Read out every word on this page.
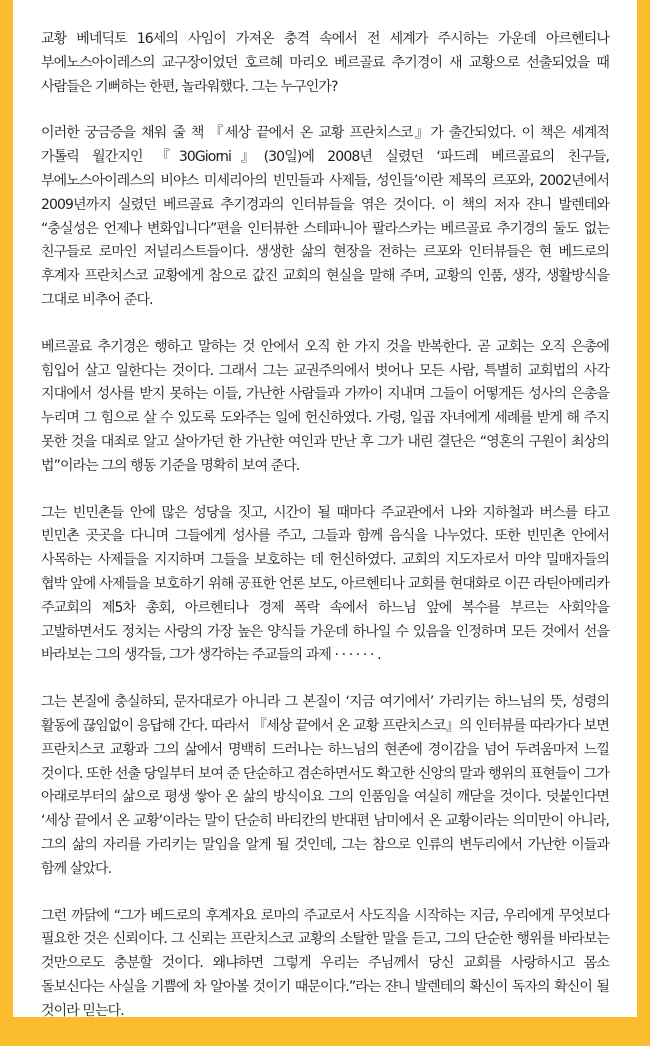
교황 베네딕토 16세의 사임이 가져온 충격 속에서 전 세계가 주시하는 가운데 아르헨티나 부에노스아이레스의 교구장이었던 호르헤 마리오 베르골료 추기경이 새 교황으로 선출되었을 때 사람들은 기뻐하는 한편, 놀라워했다. 그는 누구인가?

이러한 궁금증을 채워 줄 책 『세상 끝에서 온 교황 프란치스코』가 출간되었다. 이 책은 세계적 가톨릭 월간지인 『30Giorni』(30일)에 2008년 실렸던 ‘파드레 베르골료의 친구들, 부에노스아이레스의 비야스 미세리아의 빈민들과 사제들, 성인들’이란 제목의 르포와, 2002년에서 2009년까지 실렸던 베르골료 추기경과의 인터뷰들을 엮은 것이다. 이 책의 저자 쟌니 발렌테와 “충실성은 언제나 변화입니다”편을 인터뷰한 스테파니아 팔라스카는 베르골료 추기경의 둘도 없는 친구들로 로마인 저널리스트들이다. 생생한 삶의 현장을 전하는 르포와 인터뷰들은 현 베드로의 후계자 프란치스코 교황에게 참으로 값진 교회의 현실을 말해 주며, 교황의 인품, 생각, 생활방식을 그대로 비추어 준다.

베르골료 추기경은 행하고 말하는 것 안에서 오직 한 가지 것을 반복한다. 곧 교회는 오직 은총에 힘입어 살고 일한다는 것이다. 그래서 그는 교권주의에서 벗어나 모든 사람, 특별히 교회법의 사각 지대에서 성사를 받지 못하는 이들, 가난한 사람들과 가까이 지내며 그들이 어떻게든 성사의 은총을 누리며 그 힘으로 살 수 있도록 도와주는 일에 헌신하였다. 가령, 일곱 자녀에게 세례를 받게 해 주지 못한 것을 대죄로 알고 살아가던 한 가난한 여인과 만난 후 그가 내린 결단은 “영혼의 구원이 최상의 법”이라는 그의 행동 기준을 명확히 보여 준다.

그는 빈민촌들 안에 많은 성당을 짓고, 시간이 될 때마다 주교관에서 나와 지하철과 버스를 타고 빈민촌 곳곳을 다니며 그들에게 성사를 주고, 그들과 함께 음식을 나누었다. 또한 빈민촌 안에서 사목하는 사제들을 지지하며 그들을 보호하는 데 헌신하였다. 교회의 지도자로서 마약 밀매자들의 협박 앞에 사제들을 보호하기 위해 공표한 언론 보도, 아르헨티나 교회를 현대화로 이끈 라틴아메리카 주교회의 제5차 총회, 아르헨티나 경제 폭락 속에서 하느님 앞에 복수를 부르는 사회악을 고발하면서도 정치는 사랑의 가장 높은 양식들 가운데 하나일 수 있음을 인정하며 모든 것에서 선을 바라보는 그의 생각들, 그가 생각하는 주교들의 과제 · · · · · · .

그는 본질에 충실하되, 문자대로가 아니라 그 본질이 ‘지금 여기에서’ 가리키는 하느님의 뜻, 성령의 활동에 끊임없이 응답해 간다. 따라서 『세상 끝에서 온 교황 프란치스코』의 인터뷰를 따라가다 보면 프란치스코 교황과 그의 삶에서 명백히 드러나는 하느님의 현존에 경이감을 넘어 두려움마저 느낄 것이다. 또한 선출 당일부터 보여 준 단순하고 겸손하면서도 확고한 신앙의 말과 행위의 표현들이 그가 아래로부터의 삶으로 평생 쌓아 온 삶의 방식이요 그의 인품임을 여실히 깨닫을 것이다. 덧붙인다면 ‘세상 끝에서 온 교황’이라는 말이 단순히 바티칸의 반대편 남미에서 온 교황이라는 의미만이 아니라, 그의 삶의 자리를 가리키는 말임을 알게 될 것인데, 그는 참으로 인류의 변두리에서 가난한 이들과 함께 살았다.

그런 까닭에 “그가 베드로의 후계자요 로마의 주교로서 사도직을 시작하는 지금, 우리에게 무엇보다 필요한 것은 신뢰이다. 그 신뢰는 프란치스코 교황의 소탈한 말을 듣고, 그의 단순한 행위를 바라보는 것만으로도 충분할 것이다. 왜냐하면 그렇게 우리는 주님께서 당신 교회를 사랑하시고 몸소 돌보신다는 사실을 기쁨에 차 알아볼 것이기 때문이다.”라는 쟌니 발렌테의 확신이 독자의 확신이 될 것이라 믿는다.
